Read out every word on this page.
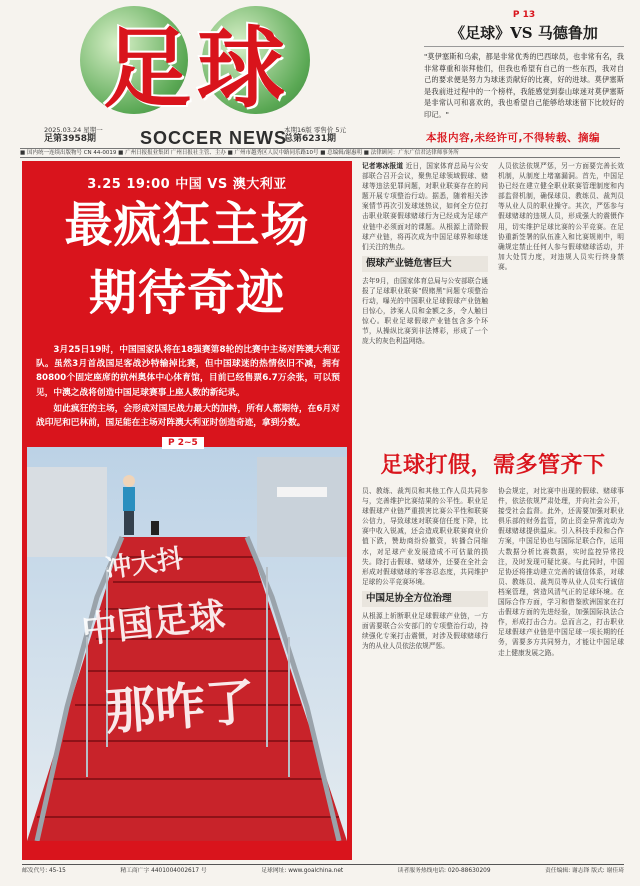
足球
2025.03.24 星期一
足第3958期	SOCCER NEWS
本期16版 零售价 5元
总第6231期
P 13
《足球》VS 马德鲁加
"莫伊塞斯和乌索，都是非常优秀的巴西球员，也非常有名，我非常尊重和崇拜他们，但我也希望有自己的一些东西，我对自己的要求便是努力为球迷贡献好的比赛，好的进球。莫伊塞斯是我前进过程中的一个榜样，我能感觉到泰山球迷对莫伊塞斯是非常认可和喜欢的，我也希望自己能够给球迷留下比较好的印记。"
本报内容,未经许可,不得转载、摘编
■ 国内统一连续出版物号 CN 44-0019 ■ 广州日报报业集团 广州日报社主管、主办 ■ 广州市越秀区人民中路同乐路10号 ■ 总编辑/谢惠明 ■ 法律顾问：广东广信君达律师事务所
3.25 19:00 中国 VS 澳大利亚
最疯狂主场
期待奇迹

3月25日19时，中国国家队将在18强赛第8轮的比赛中主场对阵澳大利亚队。虽然3月首战国足客战沙特输掉比赛，但中国球迷的热情依旧不减，拥有80800个固定座席的杭州奥体中心体育馆，目前已经售票6.7万余张，可以预见，中澳之战将创造中国足球赛事上座人数的新纪录。

如此疯狂的主场，会形成对国足战力最大的加持，所有人都期待，在6月对战印尼和巴林前，国足能在主场对阵澳大利亚时创造奇迹，拿到分数。

冲大抖
中国足球
那咋了
P 2~5
记者寒冰报道 近日，国家体育总局与公安部联合召开会议，聚焦足球领域假球、赌球等违法犯罪问题，对职业联赛存在的问题开展专项整治行动。据悉，随着相关涉案情节再次引发球迷热议，如何全方位打击职业联赛假球赌球行为已经成为足球产业链中必须面对的课题。从根源上清除假球产业链，将再次成为中国足球界和球迷们关注的焦点。
假球产业链危害巨大
去年9月，由国家体育总局与公安部联合通报了足球职业联赛"假赌黑"问题专项整治行动，曝光的中国职业足球假球产业链触目惊心，涉案人员和金额之多，令人触目惊心。职业足球假球产业链包含多个环节，从操纵比赛到非法博彩，形成了一个庞大的灰色利益网络。
人员依法依规严惩，另一方面要完善长效机制，从制度上堵塞漏洞。首先，中国足协已经在建立健全职业联赛管理制度和内部监督机制，确保球员、教练员、裁判员等从业人员的职业操守。其次，严惩参与假球赌球的违规人员，形成强大的震慑作用，切实维护足球比赛的公平竞赛。在足协重新签署的队伍准入和比赛规则中，明确规定禁止任何人参与假球赌球活动，并加大处罚力度，对违规人员实行终身禁赛。
足球打假，需多管齐下
员、教练、裁判员和其他工作人员共同参与，完善维护比赛结果的公平性。职业足球假球产业链严重损害比赛公平性和联赛公信力，导致球迷对联赛信任度下降，比赛中收入锐减，还会造成职业联赛商业价值下跌，赞助商纷纷撤资，转播合同缩水，对足球产业发展造成不可估量的损失。除打击假球、赌球外，还要在全社会形成对假球赌球的零容忍态度，共同维护足球的公平竞赛环境。
中国足协全方位治理
从根源上斩断职业足球假球产业链，一方面需要联合公安部门的专项整治行动，持续强化专案打击震慑，对涉及假球赌球行为的从业人员依法依规严惩。
协会规定，对比赛中出现的假球、赌球事件，依法依规严肃处理，并向社会公开，接受社会监督。此外，还需要加强对职业俱乐部的财务监管，防止资金异常流动为假球赌球提供温床。引入科技手段和合作方案，中国足协也与国际足联合作，运用大数据分析比赛数据，实时监控异常投注，及时发现可疑比赛。与此同时，中国足协还将推动建立完善的诚信体系，对球员、教练员、裁判员等从业人员实行诚信档案管理，营造风清气正的足球环境。在国际合作方面，学习和借鉴欧洲国家在打击假球方面的先进经验，加强国际执法合作，形成打击合力。总而言之，打击职业足球假球产业链是中国足球一项长期的任务，需要多方共同努力，才能让中国足球走上健康发展之路。
邮发代号: 45-15	精工商广字 4401004002617 号	足球网址: www.goalchina.net	读者服务热线电话: 020-88630209	责任编辑: 谢志锋 版式: 谢佳琦
